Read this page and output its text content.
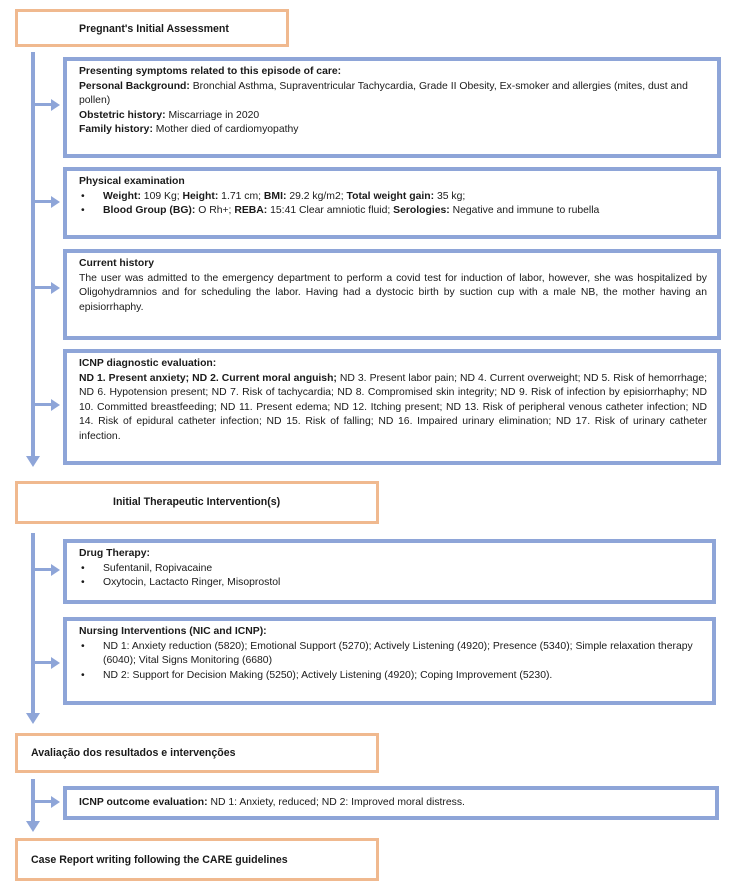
Pregnant's Initial Assessment
Initial Therapeutic Intervention(s)
Avaliação dos resultados e intervenções
Case Report writing following the CARE guidelines

Presenting symptoms related to this episode of care:

Personal Background: Bronchial Asthma, Supraventricular Tachycardia, Grade II Obesity, Ex-smoker and allergies (mites, dust and pollen)

Obstetric history: Miscarriage in 2020

Family history: Mother died of cardiomyopathy

Physical examination

• Weight: 109 Kg; Height: 1.71 cm; BMI: 29.2 kg/m2; Total weight gain: 35 kg;
• Blood Group (BG): O Rh+; REBA: 15:41 Clear amniotic fluid; Serologies: Negative and immune to rubella

Current history

The user was admitted to the emergency department to perform a covid test for induction of labor, however, she was hospitalized by Oligohydramnios and for scheduling the labor. Having had a dystocic birth by suction cup with a male NB, the mother having an episiorrhaphy.

ICNP diagnostic evaluation:

ND 1. Present anxiety; ND 2. Current moral anguish; ND 3. Present labor pain; ND 4. Current overweight; ND 5. Risk of hemorrhage; ND 6. Hypotension present; ND 7. Risk of tachycardia; ND 8. Compromised skin integrity; ND 9. Risk of infection by episiorrhaphy; ND 10. Committed breastfeeding; ND 11. Present edema; ND 12. Itching present; ND 13. Risk of peripheral venous catheter infection; ND 14. Risk of epidural catheter infection; ND 15. Risk of falling; ND 16. Impaired urinary elimination; ND 17. Risk of urinary catheter infection.

Drug Therapy:

• Sufentanil, Ropivacaine
• Oxytocin, Lactacto Ringer, Misoprostol

Nursing Interventions (NIC and ICNP):

• ND 1: Anxiety reduction (5820); Emotional Support (5270); Actively Listening (4920); Presence (5340); Simple relaxation therapy (6040); Vital Signs Monitoring (6680)
• ND 2: Support for Decision Making (5250); Actively Listening (4920); Coping Improvement (5230).

ICNP outcome evaluation: ND 1: Anxiety, reduced; ND 2: Improved moral distress.
